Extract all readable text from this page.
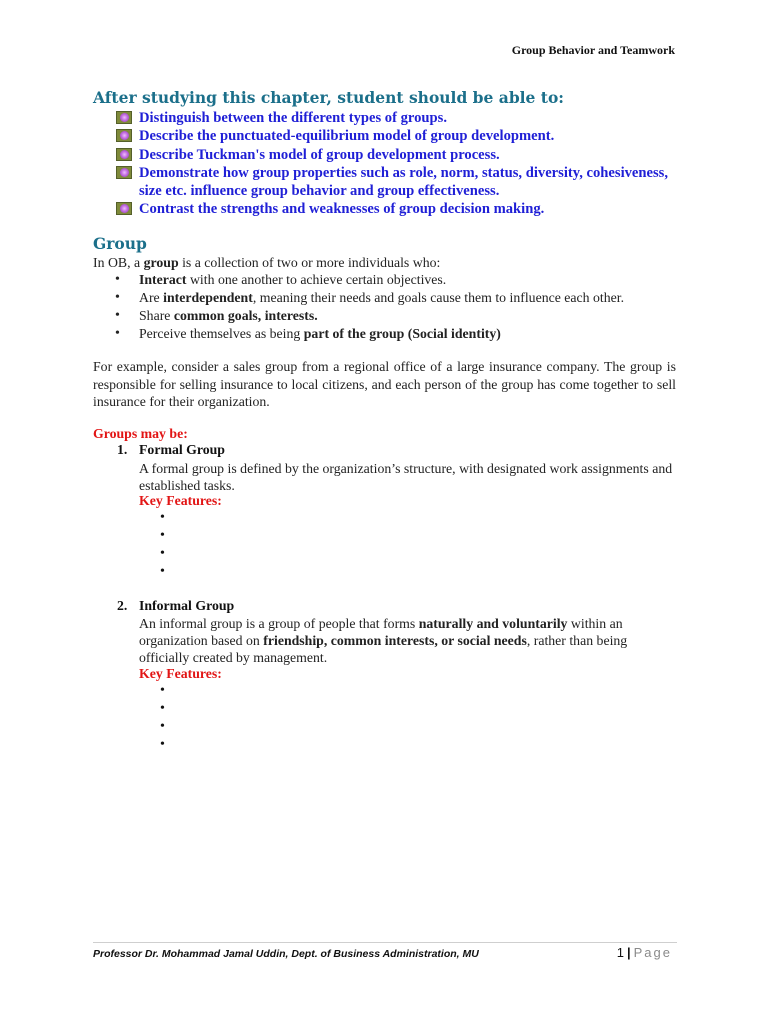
Group Behavior and Teamwork
After studying this chapter, student should be able to:
Distinguish between the different types of groups.
Describe the punctuated-equilibrium model of group development.
Describe Tuckman's model of group development process.
Demonstrate how group properties such as role, norm, status, diversity, cohesiveness, size etc. influence group behavior and group effectiveness.
Contrast the strengths and weaknesses of group decision making.
Group
In OB, a group is a collection of two or more individuals who:
• Interact with one another to achieve certain objectives.
• Are interdependent, meaning their needs and goals cause them to influence each other.
• Share common goals, interests.
• Perceive themselves as being part of the group (Social identity)
For example, consider a sales group from a regional office of a large insurance company. The group is responsible for selling insurance to local citizens, and each person of the group has come together to sell insurance for their organization.
Groups may be:
1. Formal Group
A formal group is defined by the organization’s structure, with designated work assignments and established tasks.
Key Features:
•
•
•
•
2. Informal Group
An informal group is a group of people that forms naturally and voluntarily within an organization based on friendship, common interests, or social needs, rather than being officially created by management.
Key Features:
•
•
•
•
Professor Dr. Mohammad Jamal Uddin, Dept. of Business Administration, MU	1 | Page
